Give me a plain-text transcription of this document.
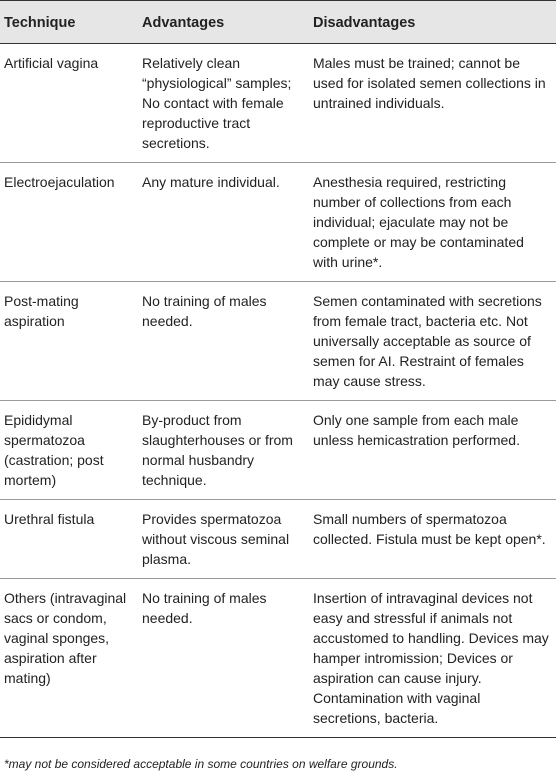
Technique	Advantages	Disadvantages
Artificial vagina	Relatively clean “physiological” samples; No contact with female reproductive tract secretions.	Males must be trained; cannot be used for isolated semen collections in untrained individuals.
Electroejaculation	Any mature individual.	Anesthesia required, restricting number of collections from each individual; ejaculate may not be complete or may be contaminated with urine*.
Post-mating aspiration	No training of males needed.	Semen contaminated with secretions from female tract, bacteria etc. Not universally acceptable as source of semen for AI. Restraint of females may cause stress.
Epididymal spermatozoa (castration; post mortem)	By-product from slaughterhouses or from normal husbandry technique.	Only one sample from each male unless hemicastration performed.
Urethral fistula	Provides spermatozoa without viscous seminal plasma.	Small numbers of spermatozoa collected. Fistula must be kept open*.
Others (intravaginal sacs or condom, vaginal sponges, aspiration after mating)	No training of males needed.	Insertion of intravaginal devices not easy and stressful if animals not accustomed to handling. Devices may hamper intromission; Devices or aspiration can cause injury. Contamination with vaginal secretions, bacteria.
*may not be considered acceptable in some countries on welfare grounds.
